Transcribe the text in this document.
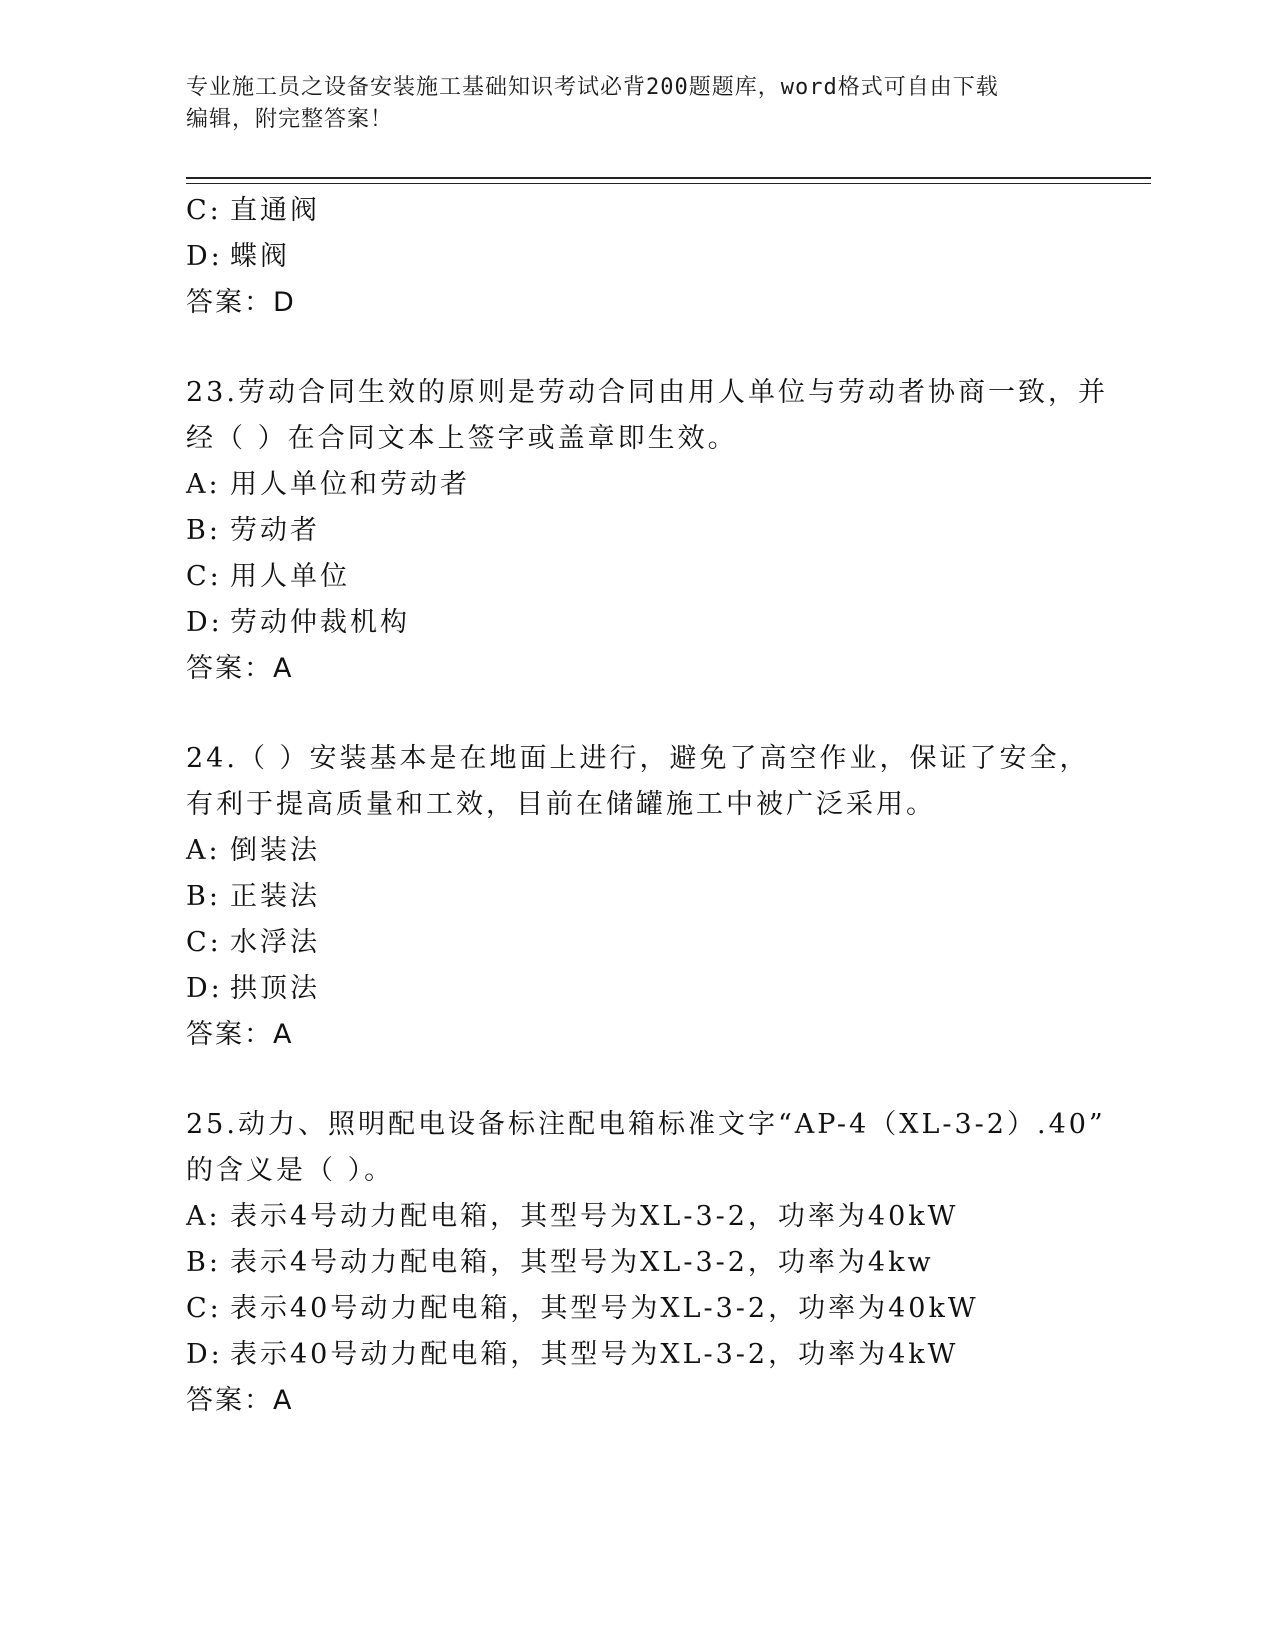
专业施工员之设备安装施工基础知识考试必背200题题库，word格式可自由下载
编辑，附完整答案！
C: 直通阀
D: 蝶阀
答案：D
23.劳动合同生效的原则是劳动合同由用人单位与劳动者协商一致，并
经（ ）在合同文本上签字或盖章即生效。
A: 用人单位和劳动者
B: 劳动者
C: 用人单位
D: 劳动仲裁机构
答案：A
24.（ ）安装基本是在地面上进行，避免了高空作业，保证了安全，
有利于提高质量和工效，目前在储罐施工中被广泛采用。
A: 倒装法
B: 正装法
C: 水浮法
D: 拱顶法
答案：A
25.动力、照明配电设备标注配电箱标准文字“AP-4（XL-3-2）.40”
的含义是（ ）。
A: 表示4号动力配电箱，其型号为XL-3-2，功率为40kW
B: 表示4号动力配电箱，其型号为XL-3-2，功率为4kw
C: 表示40号动力配电箱，其型号为XL-3-2，功率为40kW
D: 表示40号动力配电箱，其型号为XL-3-2，功率为4kW
答案：A
